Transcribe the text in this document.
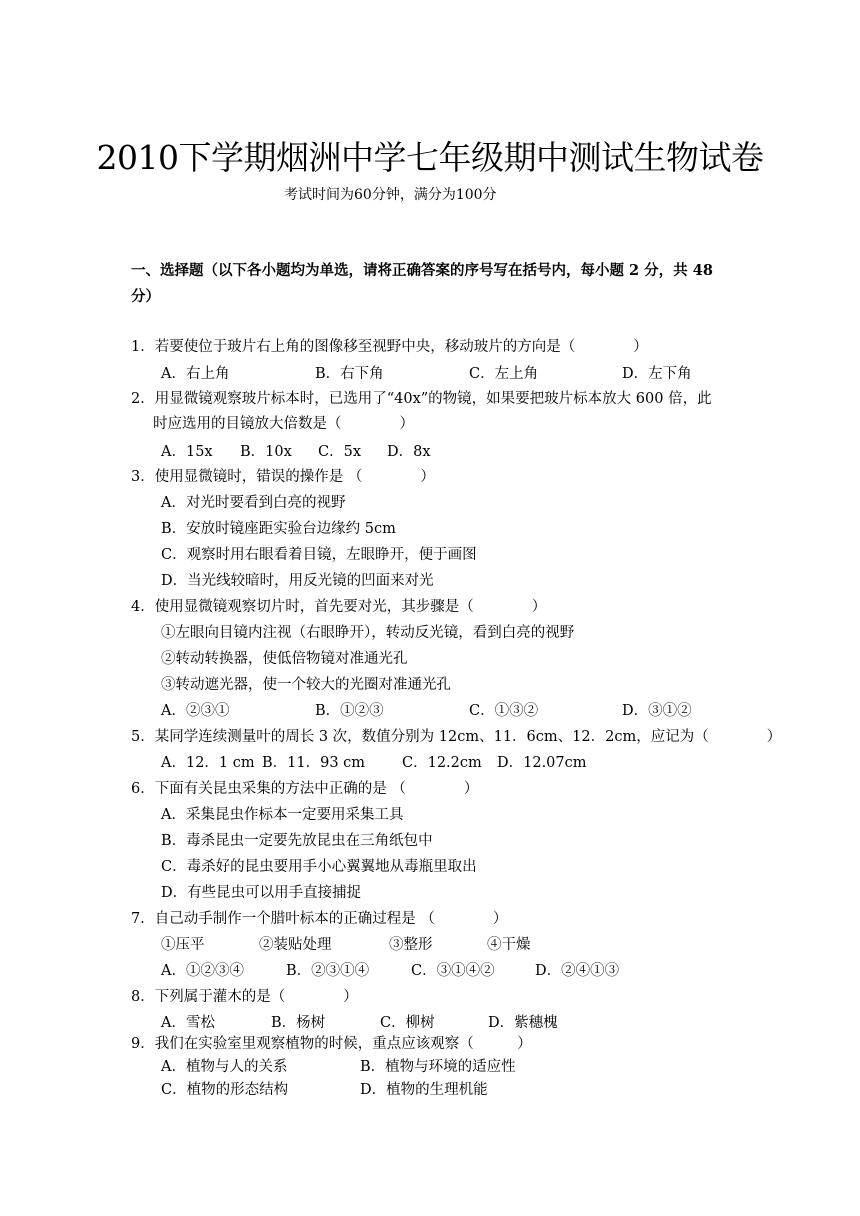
2010下学期烟洲中学七年级期中测试生物试卷
考试时间为60分钟，满分为100分
一、选择题（以下各小题均为单选，请将正确答案的序号写在括号内，每小题 2 分，共 48
分）
1．若要使位于玻片右上角的图像移至视野中央，移动玻片的方向是（　　　　）
A．右上角	B．右下角	C．左上角	D．左下角
2．用显微镜观察玻片标本时，已选用了“40x”的物镜，如果要把玻片标本放大 600 倍，此
时应选用的目镜放大倍数是（　　　　）
A．15x B．10x C．5x D．8x
3．使用显微镜时，错误的操作是 （　　　　）
A．对光时要看到白亮的视野
B．安放时镜座距实验台边缘约 5cm
C．观察时用右眼看着目镜，左眼睁开，便于画图
D．当光线较暗时，用反光镜的凹面来对光
4．使用显微镜观察切片时，首先要对光，其步骤是（　　　　）
①左眼向目镜内注视（右眼睁开），转动反光镜，看到白亮的视野
②转动转换器，使低倍物镜对准通光孔
③转动遮光器，使一个较大的光圈对准通光孔
A．②③①	B．①②③	C．①③②	D．③①②
5．某同学连续测量叶的周长 3 次，数值分别为 12cm、11．6cm、12．2cm，应记为（　　　　）
A．12．1 cm B．11．93 cm	C．12.2cm D．12.07cm
6．下面有关昆虫采集的方法中正确的是 （　　　　）
A．采集昆虫作标本一定要用采集工具
B．毒杀昆虫一定要先放昆虫在三角纸包中
C．毒杀好的昆虫要用手小心翼翼地从毒瓶里取出
D．有些昆虫可以用手直接捕捉
7．自己动手制作一个腊叶标本的正确过程是 （　　　　）
①压平	②装贴处理	③整形	④干燥
A．①②③④	B．②③①④	C．③①④②	D．②④①③
8．下列属于灌木的是（　　　　）
A．雪松	B．杨树	C．柳树	D．紫穗槐
9．我们在实验室里观察植物的时候，重点应该观察（　　　）
A．植物与人的关系	B．植物与环境的适应性
C．植物的形态结构	D．植物的生理机能
